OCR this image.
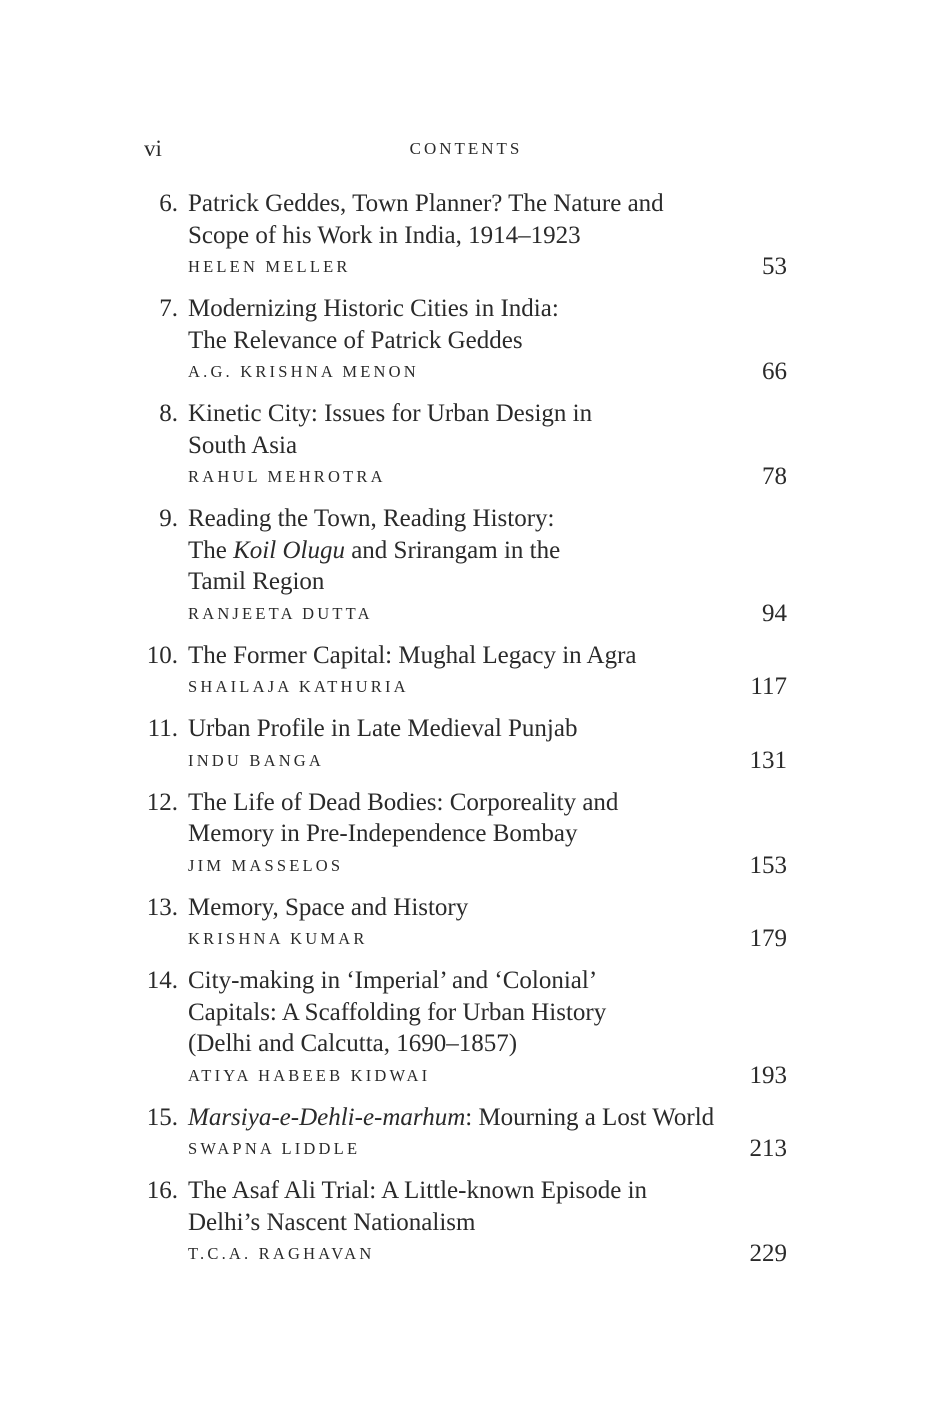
vi	CONTENTS
6. Patrick Geddes, Town Planner? The Nature and
Scope of his Work in India, 1914–1923
HELEN MELLER	53
7. Modernizing Historic Cities in India:
The Relevance of Patrick Geddes
A.G. KRISHNA MENON	66
8. Kinetic City: Issues for Urban Design in
South Asia
RAHUL MEHROTRA	78
9. Reading the Town, Reading History:
The Koil Olugu and Srirangam in the
Tamil Region
RANJEETA DUTTA	94
10. The Former Capital: Mughal Legacy in Agra
SHAILAJA KATHURIA	117
11. Urban Profile in Late Medieval Punjab
INDU BANGA	131
12. The Life of Dead Bodies: Corporeality and
Memory in Pre-Independence Bombay
JIM MASSELOS	153
13. Memory, Space and History
KRISHNA KUMAR	179
14. City-making in ‘Imperial’ and ‘Colonial’
Capitals: A Scaffolding for Urban History
(Delhi and Calcutta, 1690–1857)
ATIYA HABEEB KIDWAI	193
15. Marsiya-e-Dehli-e-marhum: Mourning a Lost World
SWAPNA LIDDLE	213
16. The Asaf Ali Trial: A Little-known Episode in
Delhi’s Nascent Nationalism
T.C.A. RAGHAVAN	229
